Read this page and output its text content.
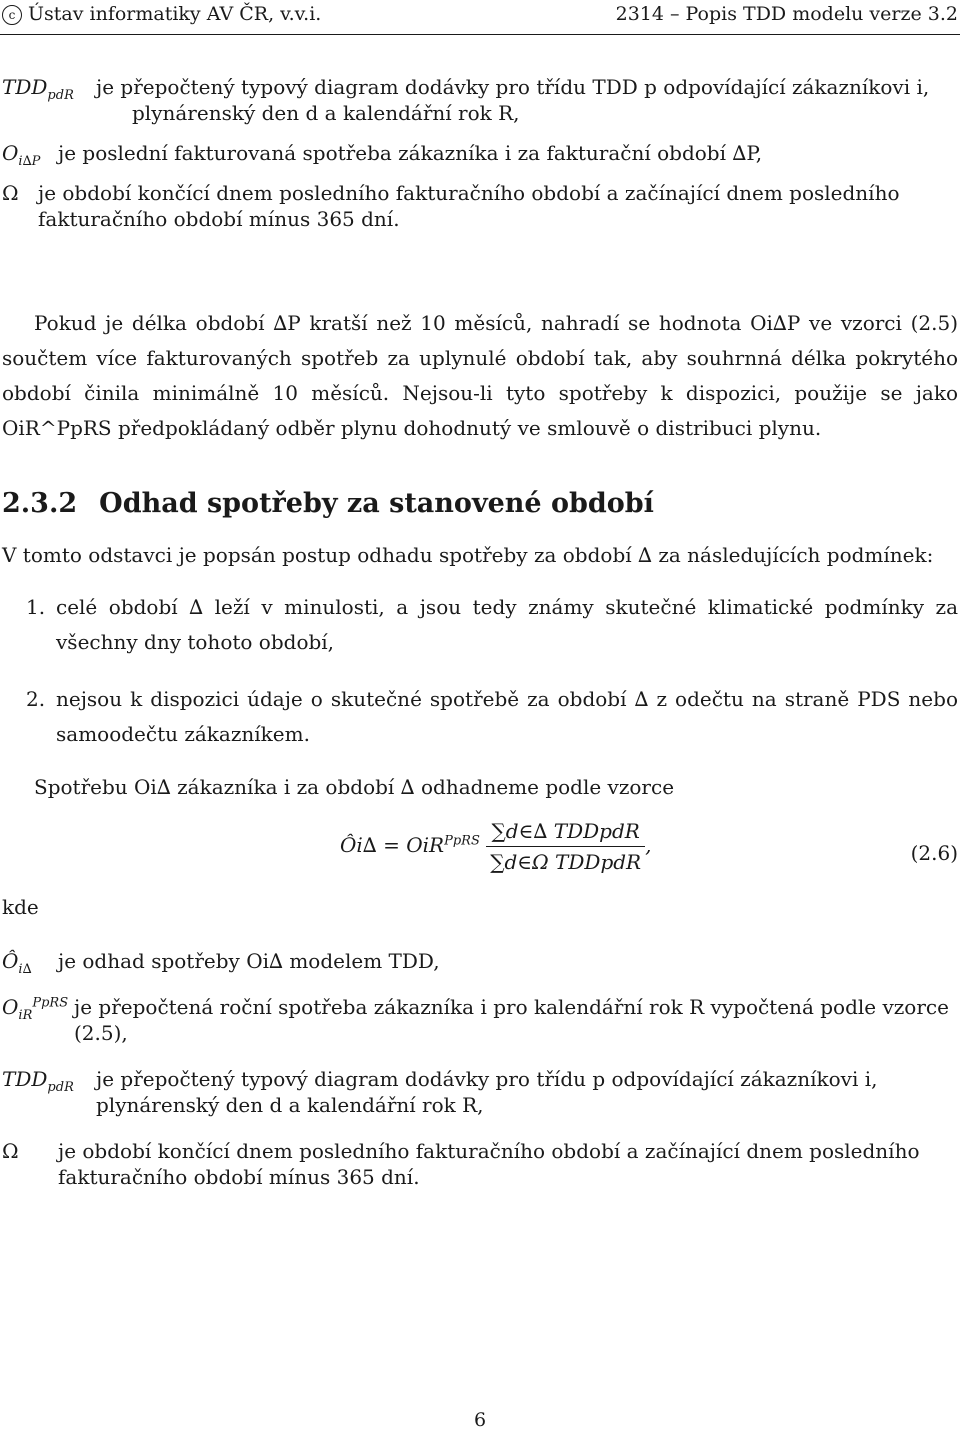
c Ústav informatiky AV ČR, v.v.i.	2314 – Popis TDD modelu verze 3.2
$TDD_{pdR}$ je přepočtený typový diagram dodávky pro třídu TDD p odpovídající zákazníkovi i, plynárenský den d a kalendářní rok R,
$O_{i\Delta P}$ je poslední fakturovaná spotřeba zákazníka i za fakturační období ∆P,
Ω je období končící dnem posledního fakturačního období a začínající dnem posledního fakturačního období mínus 365 dní.
Pokud je délka období ∆P kratší než 10 měsíců, nahradí se hodnota Oi∆P ve vzorci (2.5) součtem více fakturovaných spotřeb za uplynulé období tak, aby souhrnná délka pokrytého období činila minimálně 10 měsíců. Nejsou-li tyto spotřeby k dispozici, použije se jako OiR^PpRS předpokládaný odběr plynu dohodnutý ve smlouvě o distribuci plynu.
2.3.2 Odhad spotřeby za stanovené období
V tomto odstavci je popsán postup odhadu spotřeby za období ∆ za následujících podmínek:
1. celé období ∆ leží v minulosti, a jsou tedy známy skutečné klimatické podmínky za všechny dny tohoto období,
2. nejsou k dispozici údaje o skutečné spotřebě za období ∆ z odečtu na straně PDS nebo samoodečtu zákazníkem.
Spotřebu Oi∆ zákazníka i za období ∆ odhadneme podle vzorce
Ôi∆ = $OiR^{PpRS} \frac{\text{∑d∈∆ TDDpdR}}{\text{∑d∈Ω TDDpdR}}$ ,	(2.6)
kde
$Ô_{i\Delta}$ je odhad spotřeby Oi∆ modelem TDD,
$O_{iR}^{PpRS}$ je přepočtená roční spotřeba zákazníka i pro kalendářní rok R vypočtená podle vzorce (2.5),
$TDD_{pdR}$	je přepočtený typový diagram dodávky pro třídu p odpovídající zákazníkovi i, plynárenský den d a kalendářní rok R,
Ω je období končící dnem posledního fakturačního období a začínající dnem posledního fakturačního období mínus 365 dní.
6
